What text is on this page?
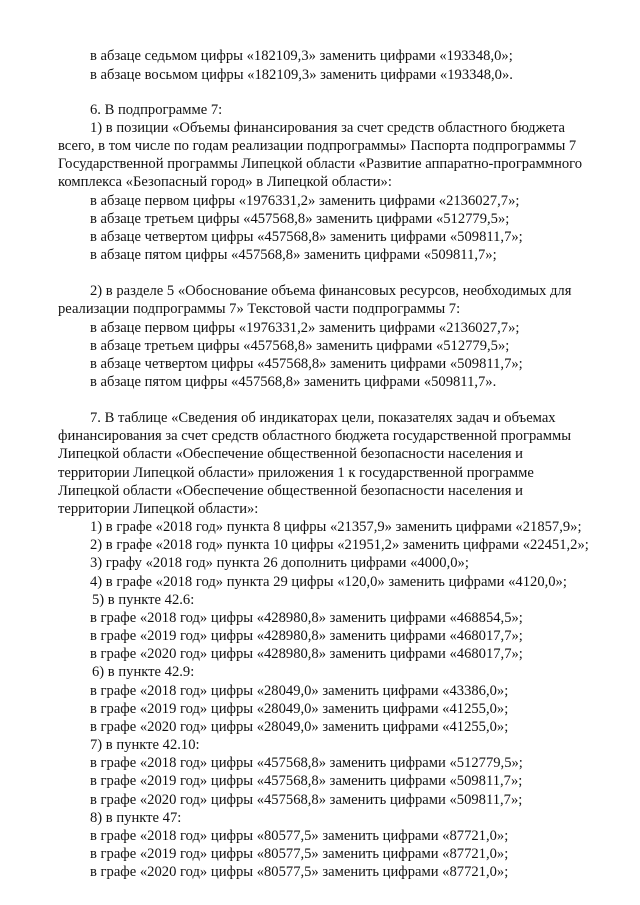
в абзаце седьмом цифры «182109,3» заменить цифрами «193348,0»;
в абзаце восьмом цифры «182109,3» заменить цифрами «193348,0».
6. В подпрограмме 7:
1) в позиции «Объемы финансирования за счет средств областного бюджета
всего, в том числе по годам реализации подпрограммы» Паспорта подпрограммы 7
Государственной программы Липецкой области «Развитие аппаратно-программного
комплекса «Безопасный город» в Липецкой области»:
в абзаце первом цифры «1976331,2» заменить цифрами «2136027,7»;
в абзаце третьем цифры «457568,8» заменить цифрами «512779,5»;
в абзаце четвертом цифры «457568,8» заменить цифрами «509811,7»;
в абзаце пятом цифры «457568,8» заменить цифрами «509811,7»;
2) в разделе 5 «Обоснование объема финансовых ресурсов, необходимых для
реализации подпрограммы 7» Текстовой части подпрограммы 7:
в абзаце первом цифры «1976331,2» заменить цифрами «2136027,7»;
в абзаце третьем цифры «457568,8» заменить цифрами «512779,5»;
в абзаце четвертом цифры «457568,8» заменить цифрами «509811,7»;
в абзаце пятом цифры «457568,8» заменить цифрами «509811,7».
7. В таблице «Сведения об индикаторах цели, показателях задач и объемах
финансирования за счет средств областного бюджета государственной программы
Липецкой области «Обеспечение общественной безопасности населения и
территории Липецкой области» приложения 1 к государственной программе
Липецкой области «Обеспечение общественной безопасности населения и
территории Липецкой области»:
1) в графе «2018 год» пункта 8 цифры «21357,9» заменить цифрами «21857,9»;
2) в графе «2018 год» пункта 10 цифры «21951,2» заменить цифрами «22451,2»;
3) графу «2018 год» пункта 26 дополнить цифрами «4000,0»;
4) в графе «2018 год» пункта 29 цифры «120,0» заменить цифрами «4120,0»;
5) в пункте 42.6:
в графе «2018 год» цифры «428980,8» заменить цифрами «468854,5»;
в графе «2019 год» цифры «428980,8» заменить цифрами «468017,7»;
в графе «2020 год» цифры «428980,8» заменить цифрами «468017,7»;
6) в пункте 42.9:
в графе «2018 год» цифры «28049,0» заменить цифрами «43386,0»;
в графе «2019 год» цифры «28049,0» заменить цифрами «41255,0»;
в графе «2020 год» цифры «28049,0» заменить цифрами «41255,0»;
7) в пункте 42.10:
в графе «2018 год» цифры «457568,8» заменить цифрами «512779,5»;
в графе «2019 год» цифры «457568,8» заменить цифрами «509811,7»;
в графе «2020 год» цифры «457568,8» заменить цифрами «509811,7»;
8) в пункте 47:
в графе «2018 год» цифры «80577,5» заменить цифрами «87721,0»;
в графе «2019 год» цифры «80577,5» заменить цифрами «87721,0»;
в графе «2020 год» цифры «80577,5» заменить цифрами «87721,0»;
